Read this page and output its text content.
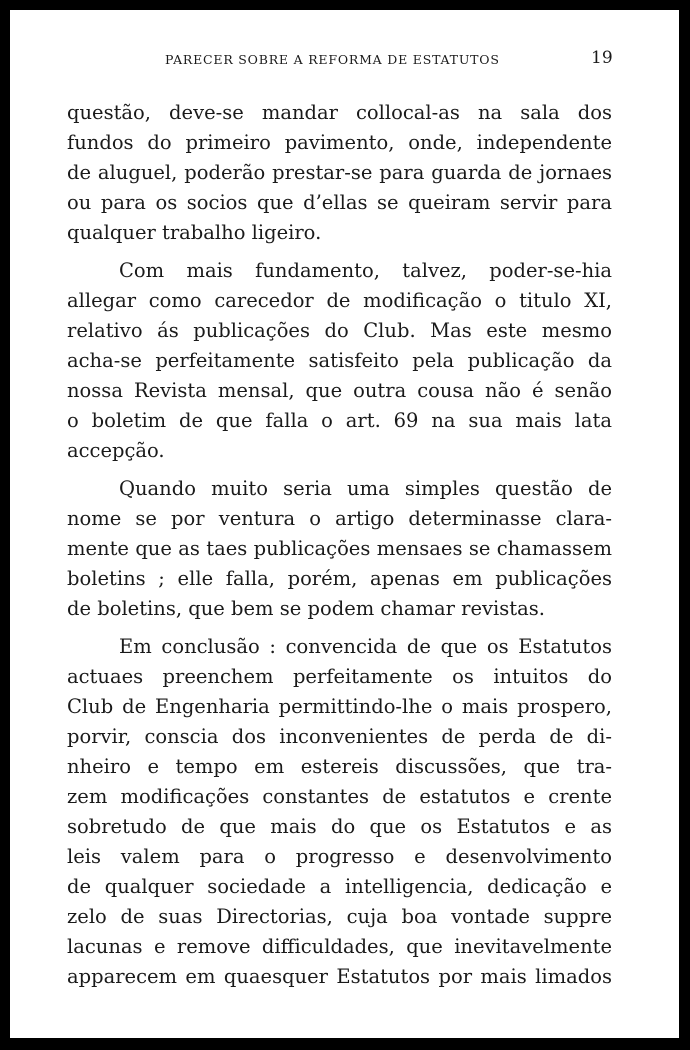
PARECER SOBRE A REFORMA DE ESTATUTOS	19
questão, deve-se mandar collocal-as na sala dos
fundos do primeiro pavimento, onde, independente
de aluguel, poderão prestar-se para guarda de jornaes
ou para os socios que d’ellas se queiram servir para
qualquer trabalho ligeiro.
Com mais fundamento, talvez, poder-se-hia
allegar como carecedor de modificação o titulo XI,
relativo ás publicações do Club. Mas este mesmo
acha-se perfeitamente satisfeito pela publicação da
nossa Revista mensal, que outra cousa não é senão
o boletim de que falla o art. 69 na sua mais lata
accepção.
Quando muito seria uma simples questão de
nome se por ventura o artigo determinasse clara-
mente que as taes publicações mensaes se chamassem
boletins ; elle falla, porém, apenas em publicações
de boletins, que bem se podem chamar revistas.
Em conclusão : convencida de que os Estatutos
actuaes preenchem perfeitamente os intuitos do
Club de Engenharia permittindo-lhe o mais prospero,
porvir, conscia dos inconvenientes de perda de di-
nheiro e tempo em estereis discussões, que tra-
zem modificações constantes de estatutos e crente
sobretudo de que mais do que os Estatutos e as
leis valem para o progresso e desenvolvimento
de qualquer sociedade a intelligencia, dedicação e
zelo de suas Directorias, cuja boa vontade suppre
lacunas e remove difficuldades, que inevitavelmente
apparecem em quaesquer Estatutos por mais limados
